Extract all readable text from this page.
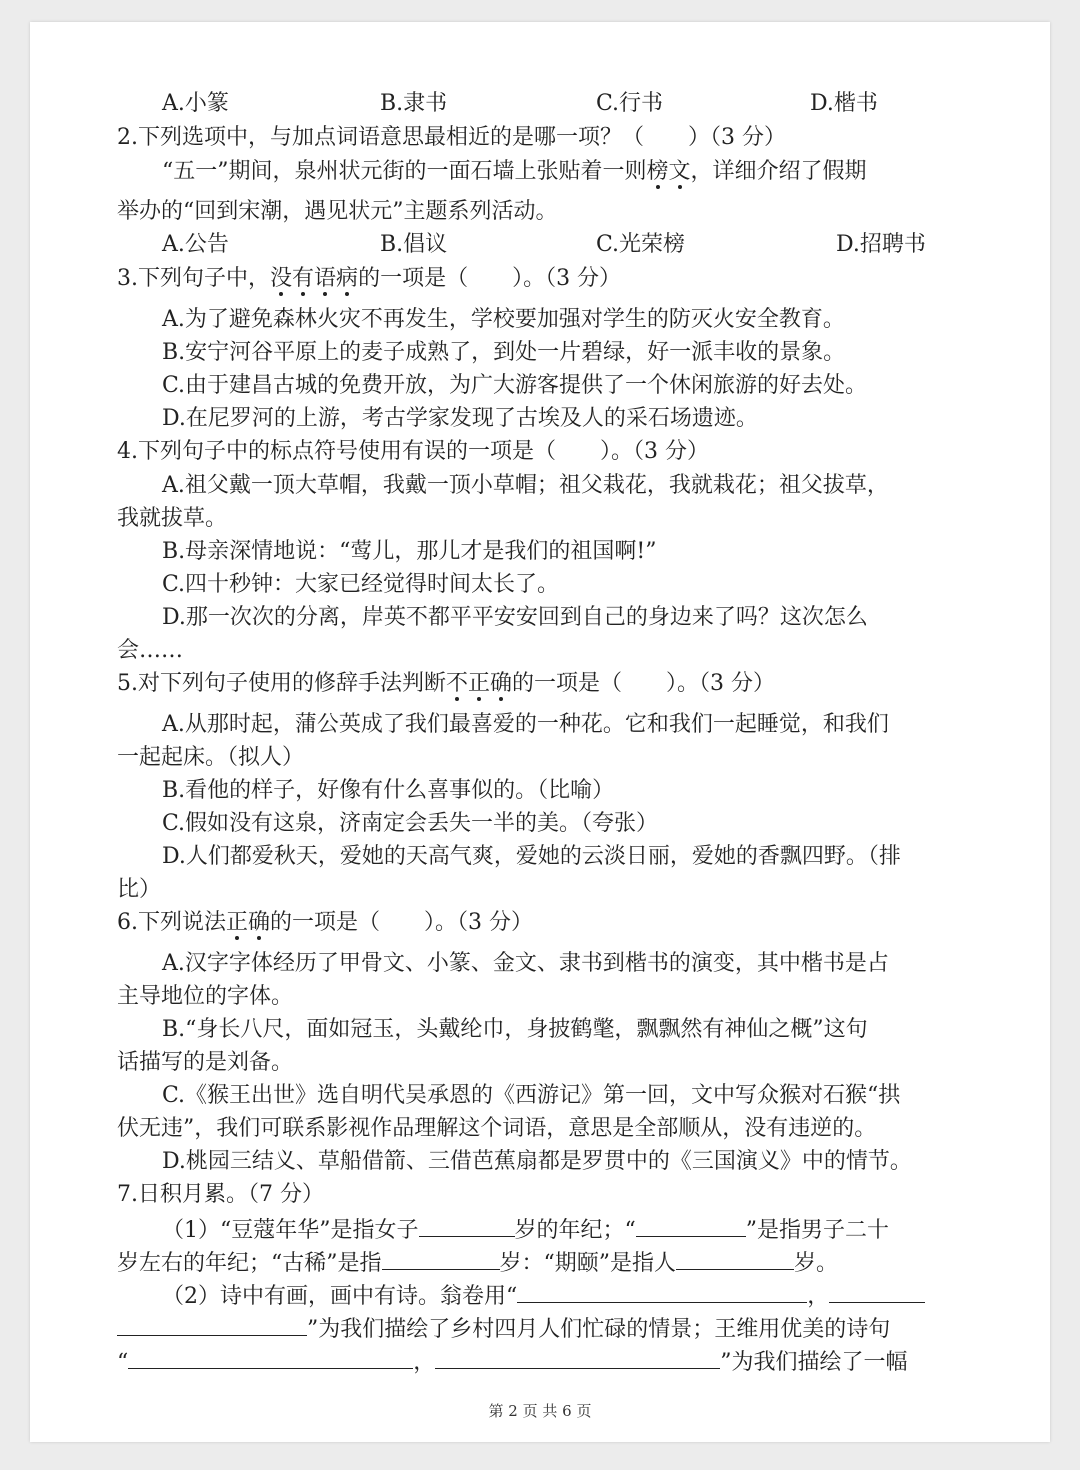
A.小篆	B.隶书	C.行书	D.楷书
2.下列选项中，与加点词语意思最相近的是哪一项？（　　）（3 分）
“五一”期间，泉州状元街的一面石墙上张贴着一则榜文，详细介绍了假期
举办的“回到宋潮，遇见状元”主题系列活动。
A.公告	B.倡议	C.光荣榜	D.招聘书
3.下列句子中，没有语病的一项是（　　）。（3 分）
A.为了避免森林火灾不再发生，学校要加强对学生的防灭火安全教育。
B.安宁河谷平原上的麦子成熟了，到处一片碧绿，好一派丰收的景象。
C.由于建昌古城的免费开放，为广大游客提供了一个休闲旅游的好去处。
D.在尼罗河的上游，考古学家发现了古埃及人的采石场遗迹。
4.下列句子中的标点符号使用有误的一项是（　　）。（3 分）
A.祖父戴一顶大草帽，我戴一顶小草帽；祖父栽花，我就栽花；祖父拔草，
我就拔草。
B.母亲深情地说：“莺儿，那儿才是我们的祖国啊!”
C.四十秒钟：大家已经觉得时间太长了。
D.那一次次的分离，岸英不都平平安安回到自己的身边来了吗？这次怎么
会……
5.对下列句子使用的修辞手法判断不正确的一项是（　　）。（3 分）
A.从那时起，蒲公英成了我们最喜爱的一种花。它和我们一起睡觉，和我们
一起起床。（拟人）
B.看他的样子，好像有什么喜事似的。（比喻）
C.假如没有这泉，济南定会丢失一半的美。（夸张）
D.人们都爱秋天，爱她的天高气爽，爱她的云淡日丽，爱她的香飘四野。（排
比）
6.下列说法正确的一项是（　　）。（3 分）
A.汉字字体经历了甲骨文、小篆、金文、隶书到楷书的演变，其中楷书是占
主导地位的字体。
B.“身长八尺，面如冠玉，头戴纶巾，身披鹤氅，飘飘然有神仙之概”这句
话描写的是刘备。
C.《猴王出世》选自明代吴承恩的《西游记》第一回，文中写众猴对石猴“拱
伏无违”，我们可联系影视作品理解这个词语，意思是全部顺从，没有违逆的。
D.桃园三结义、草船借箭、三借芭蕉扇都是罗贯中的《三国演义》中的情节。
7.日积月累。（7 分）
（1）“豆蔻年华”是指女子	岁的年纪；“	”是指男子二十
岁左右的年纪；“古稀”是指	岁：“期颐”是指人	岁。
（2）诗中有画，画中有诗。翁卷用“	，
”为我们描绘了乡村四月人们忙碌的情景；王维用优美的诗句
“	，	”为我们描绘了一幅
第 2 页 共 6 页
